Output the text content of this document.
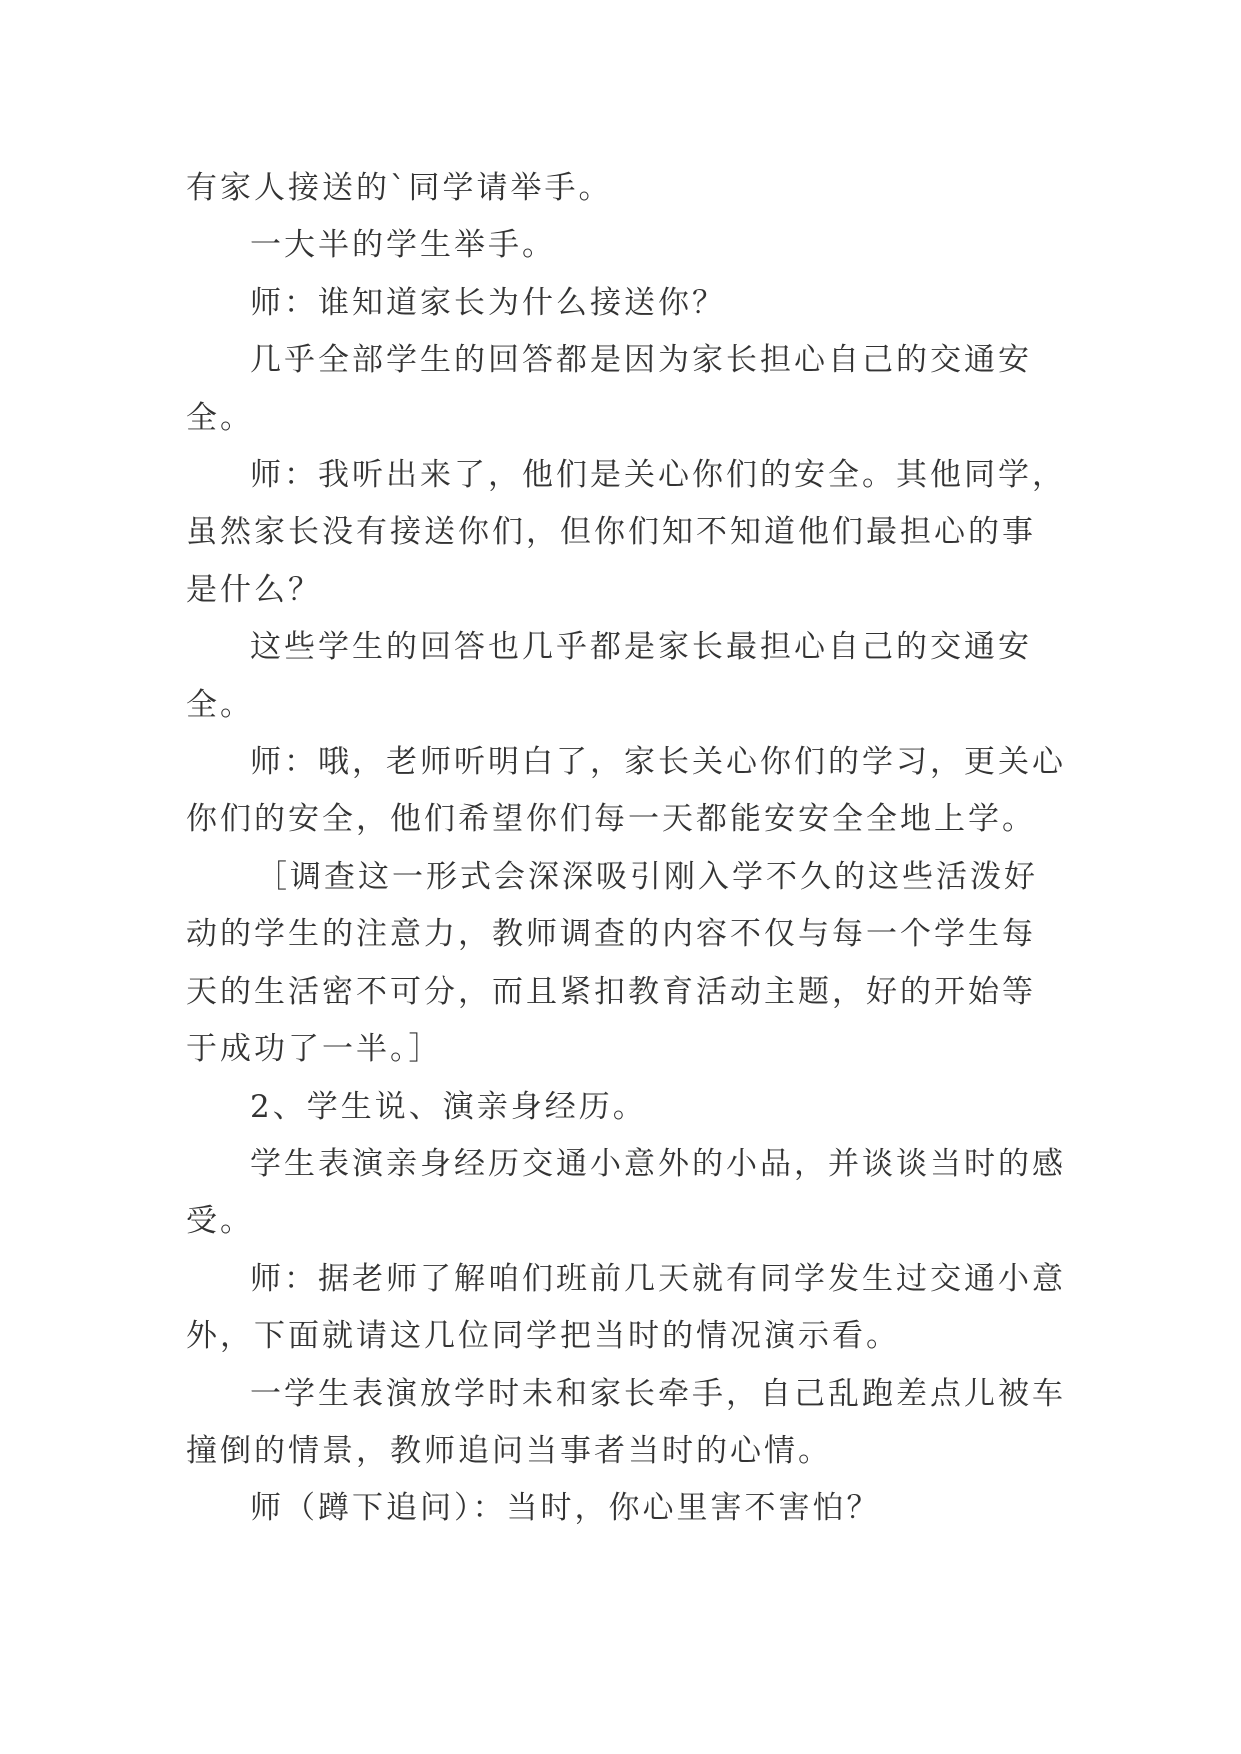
有家人接送的`同学请举手。

一大半的学生举手。

师：谁知道家长为什么接送你？

几乎全部学生的回答都是因为家长担心自己的交通安全。

师：我听出来了，他们是关心你们的安全。其他同学，虽然家长没有接送你们，但你们知不知道他们最担心的事是什么？

这些学生的回答也几乎都是家长最担心自己的交通安全。

师：哦，老师听明白了，家长关心你们的学习，更关心你们的安全，他们希望你们每一天都能安安全全地上学。

［调查这一形式会深深吸引刚入学不久的这些活泼好动的学生的注意力，教师调查的内容不仅与每一个学生每天的生活密不可分，而且紧扣教育活动主题，好的开始等于成功了一半。］

2、学生说、演亲身经历。

学生表演亲身经历交通小意外的小品，并谈谈当时的感受。

师：据老师了解咱们班前几天就有同学发生过交通小意外，下面就请这几位同学把当时的情况演示看。

一学生表演放学时未和家长牵手，自己乱跑差点儿被车撞倒的情景，教师追问当事者当时的心情。

师（蹲下追问）：当时，你心里害不害怕？
